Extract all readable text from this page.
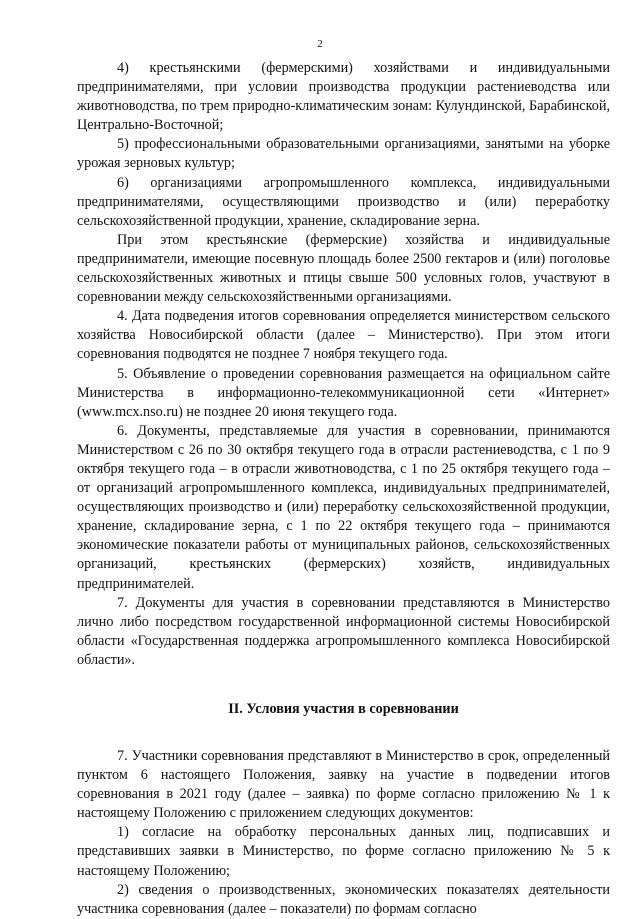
2

4) крестьянскими (фермерскими) хозяйствами и индивидуальными предпринимателями, при условии производства продукции растениеводства или животноводства, по трем природно-климатическим зонам: Кулундинской, Барабинской, Центрально-Восточной;

5) профессиональными образовательными организациями, занятыми на уборке урожая зерновых культур;

6) организациями агропромышленного комплекса, индивидуальными предпринимателями, осуществляющими производство и (или) переработку сельскохозяйственной продукции, хранение, складирование зерна.

При этом крестьянские (фермерские) хозяйства и индивидуальные предприниматели, имеющие посевную площадь более 2500 гектаров и (или) поголовье сельскохозяйственных животных и птицы свыше 500 условных голов, участвуют в соревновании между сельскохозяйственными организациями.

4. Дата подведения итогов соревнования определяется министерством сельского хозяйства Новосибирской области (далее – Министерство). При этом итоги соревнования подводятся не позднее 7 ноября текущего года.

5. Объявление о проведении соревнования размещается на официальном сайте Министерства в информационно-телекоммуникационной сети «Интернет» (www.mcx.nso.ru) не позднее 20 июня текущего года.

6. Документы, представляемые для участия в соревновании, принимаются Министерством с 26 по 30 октября текущего года в отрасли растениеводства, с 1 по 9 октября текущего года – в отрасли животноводства, с 1 по 25 октября текущего года – от организаций агропромышленного комплекса, индивидуальных предпринимателей, осуществляющих производство и (или) переработку сельскохозяйственной продукции, хранение, складирование зерна, с 1 по 22 октября текущего года – принимаются экономические показатели работы от муниципальных районов, сельскохозяйственных организаций, крестьянских (фермерских) хозяйств, индивидуальных предпринимателей.

7. Документы для участия в соревновании представляются в Министерство лично либо посредством государственной информационной системы Новосибирской области «Государственная поддержка агропромышленного комплекса Новосибирской области».

II. Условия участия в соревновании

7. Участники соревнования представляют в Министерство в срок, определенный пунктом 6 настоящего Положения, заявку на участие в подведении итогов соревнования в 2021 году (далее – заявка) по форме согласно приложению № 1 к настоящему Положению с приложением следующих документов:

1) согласие на обработку персональных данных лиц, подписавших и представивших заявки в Министерство, по форме согласно приложению № 5 к настоящему Положению;

2) сведения о производственных, экономических показателях деятельности участника соревнования (далее – показатели) по формам согласно
